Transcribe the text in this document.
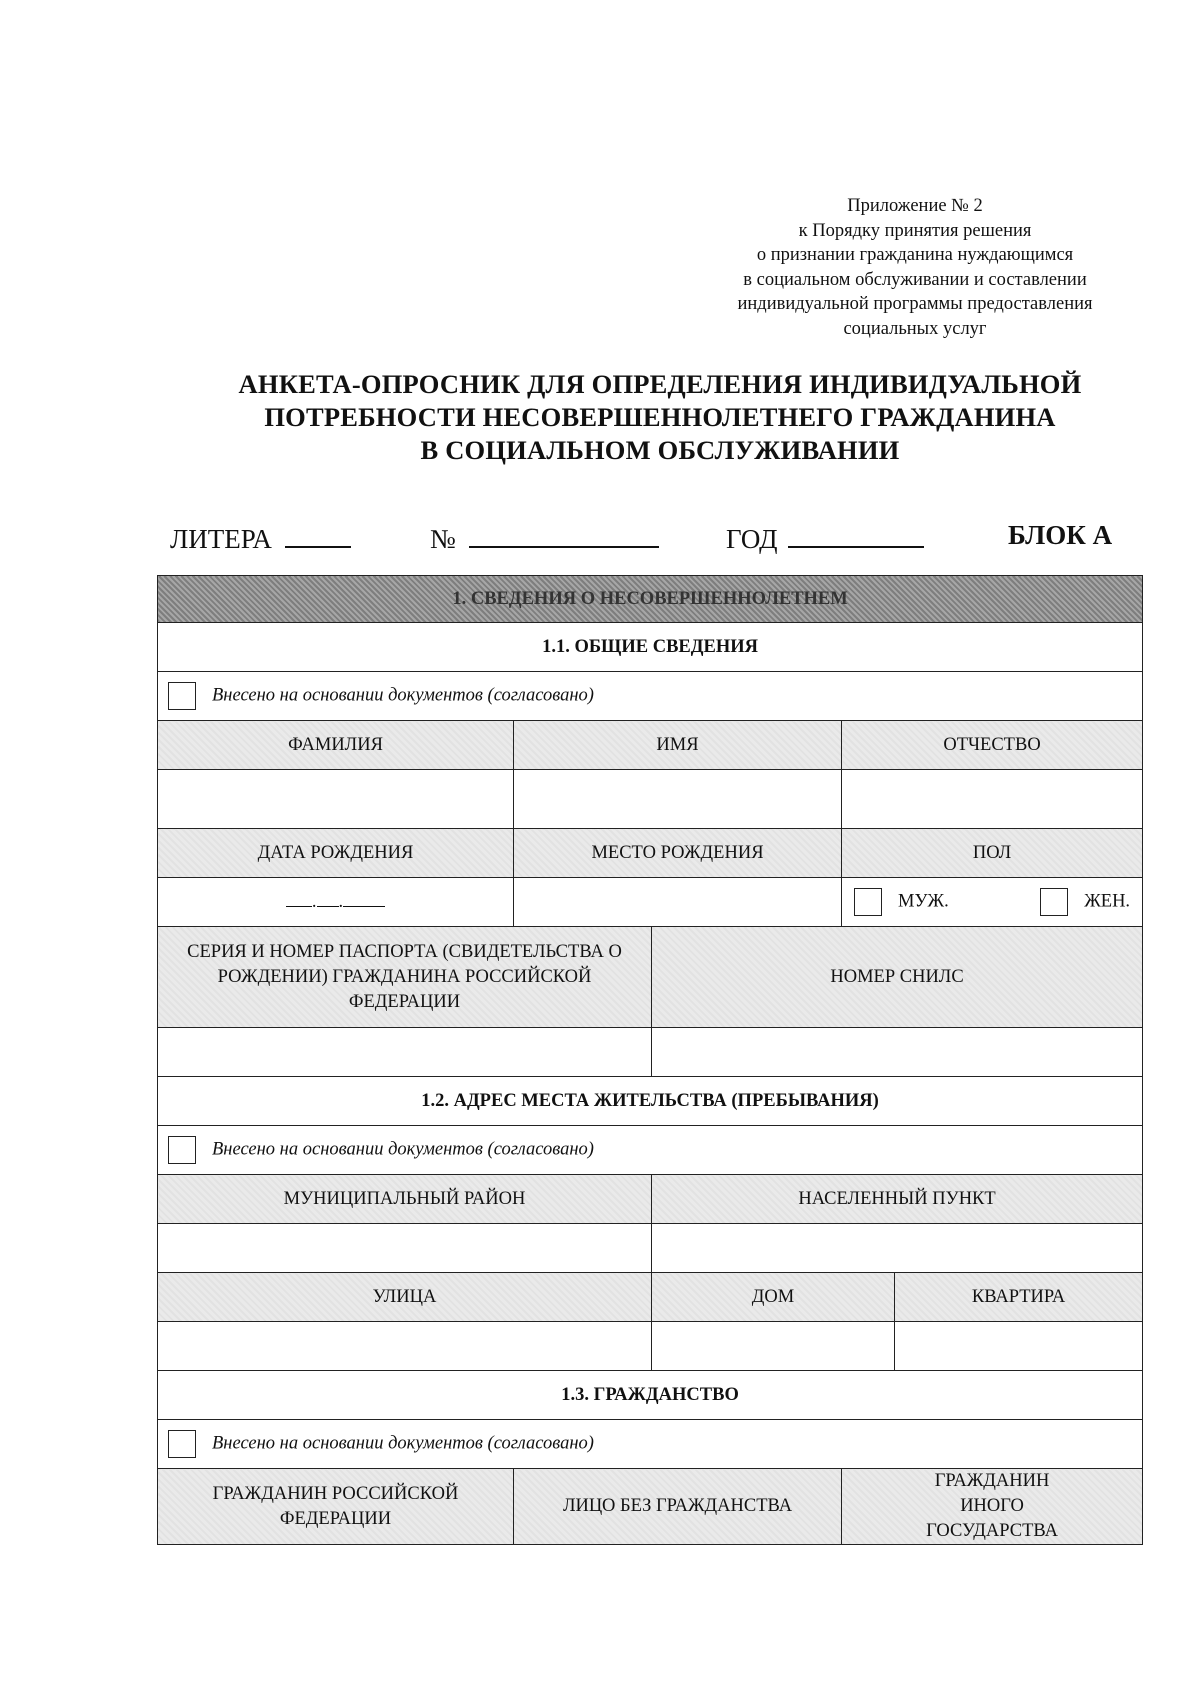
Приложение № 2
к Порядку принятия решения
о признании гражданина нуждающимся
в социальном обслуживании и составлении
индивидуальной программы предоставления
социальных услуг
АНКЕТА-ОПРОСНИК ДЛЯ ОПРЕДЕЛЕНИЯ ИНДИВИДУАЛЬНОЙ
ПОТРЕБНОСТИ НЕСОВЕРШЕННОЛЕТНЕГО ГРАЖДАНИНА
В СОЦИАЛЬНОМ ОБСЛУЖИВАНИИ
ЛИТЕРА	№	ГОД	БЛОК А
1. СВЕДЕНИЯ О НЕСОВЕРШЕННОЛЕТНЕМ				
1.1. ОБЩИЕ СВЕДЕНИЯ				
Внесено на основании документов (согласовано)				
ФАМИЛИЯ	ИМЯ		ОТЧЕСТВО	

ДАТА РОЖДЕНИЯ	МЕСТО РОЖДЕНИЯ		ПОЛ	
. .			МУЖ. ЖЕН.	

СЕРИЯ И НОМЕР ПАСПОРТА (СВИДЕТЕЛЬСТВА О РОЖДЕНИИ) ГРАЖДАНИНА РОССИЙСКОЙ ФЕДЕРАЦИИ		НОМЕР СНИЛС		

1.2. АДРЕС МЕСТА ЖИТЕЛЬСТВА (ПРЕБЫВАНИЯ)				
Внесено на основании документов (согласовано)				
МУНИЦИПАЛЬНЫЙ РАЙОН		НАСЕЛЕННЫЙ ПУНКТ		

УЛИЦА		ДОМ		КВАРТИРА

1.3. ГРАЖДАНСТВО				
Внесено на основании документов (согласовано)				
ГРАЖДАНИН РОССИЙСКОЙ ФЕДЕРАЦИИ	ЛИЦО БЕЗ ГРАЖДАНСТВА		ГРАЖДАНИН ИНОГО ГОСУДАРСТВА	
